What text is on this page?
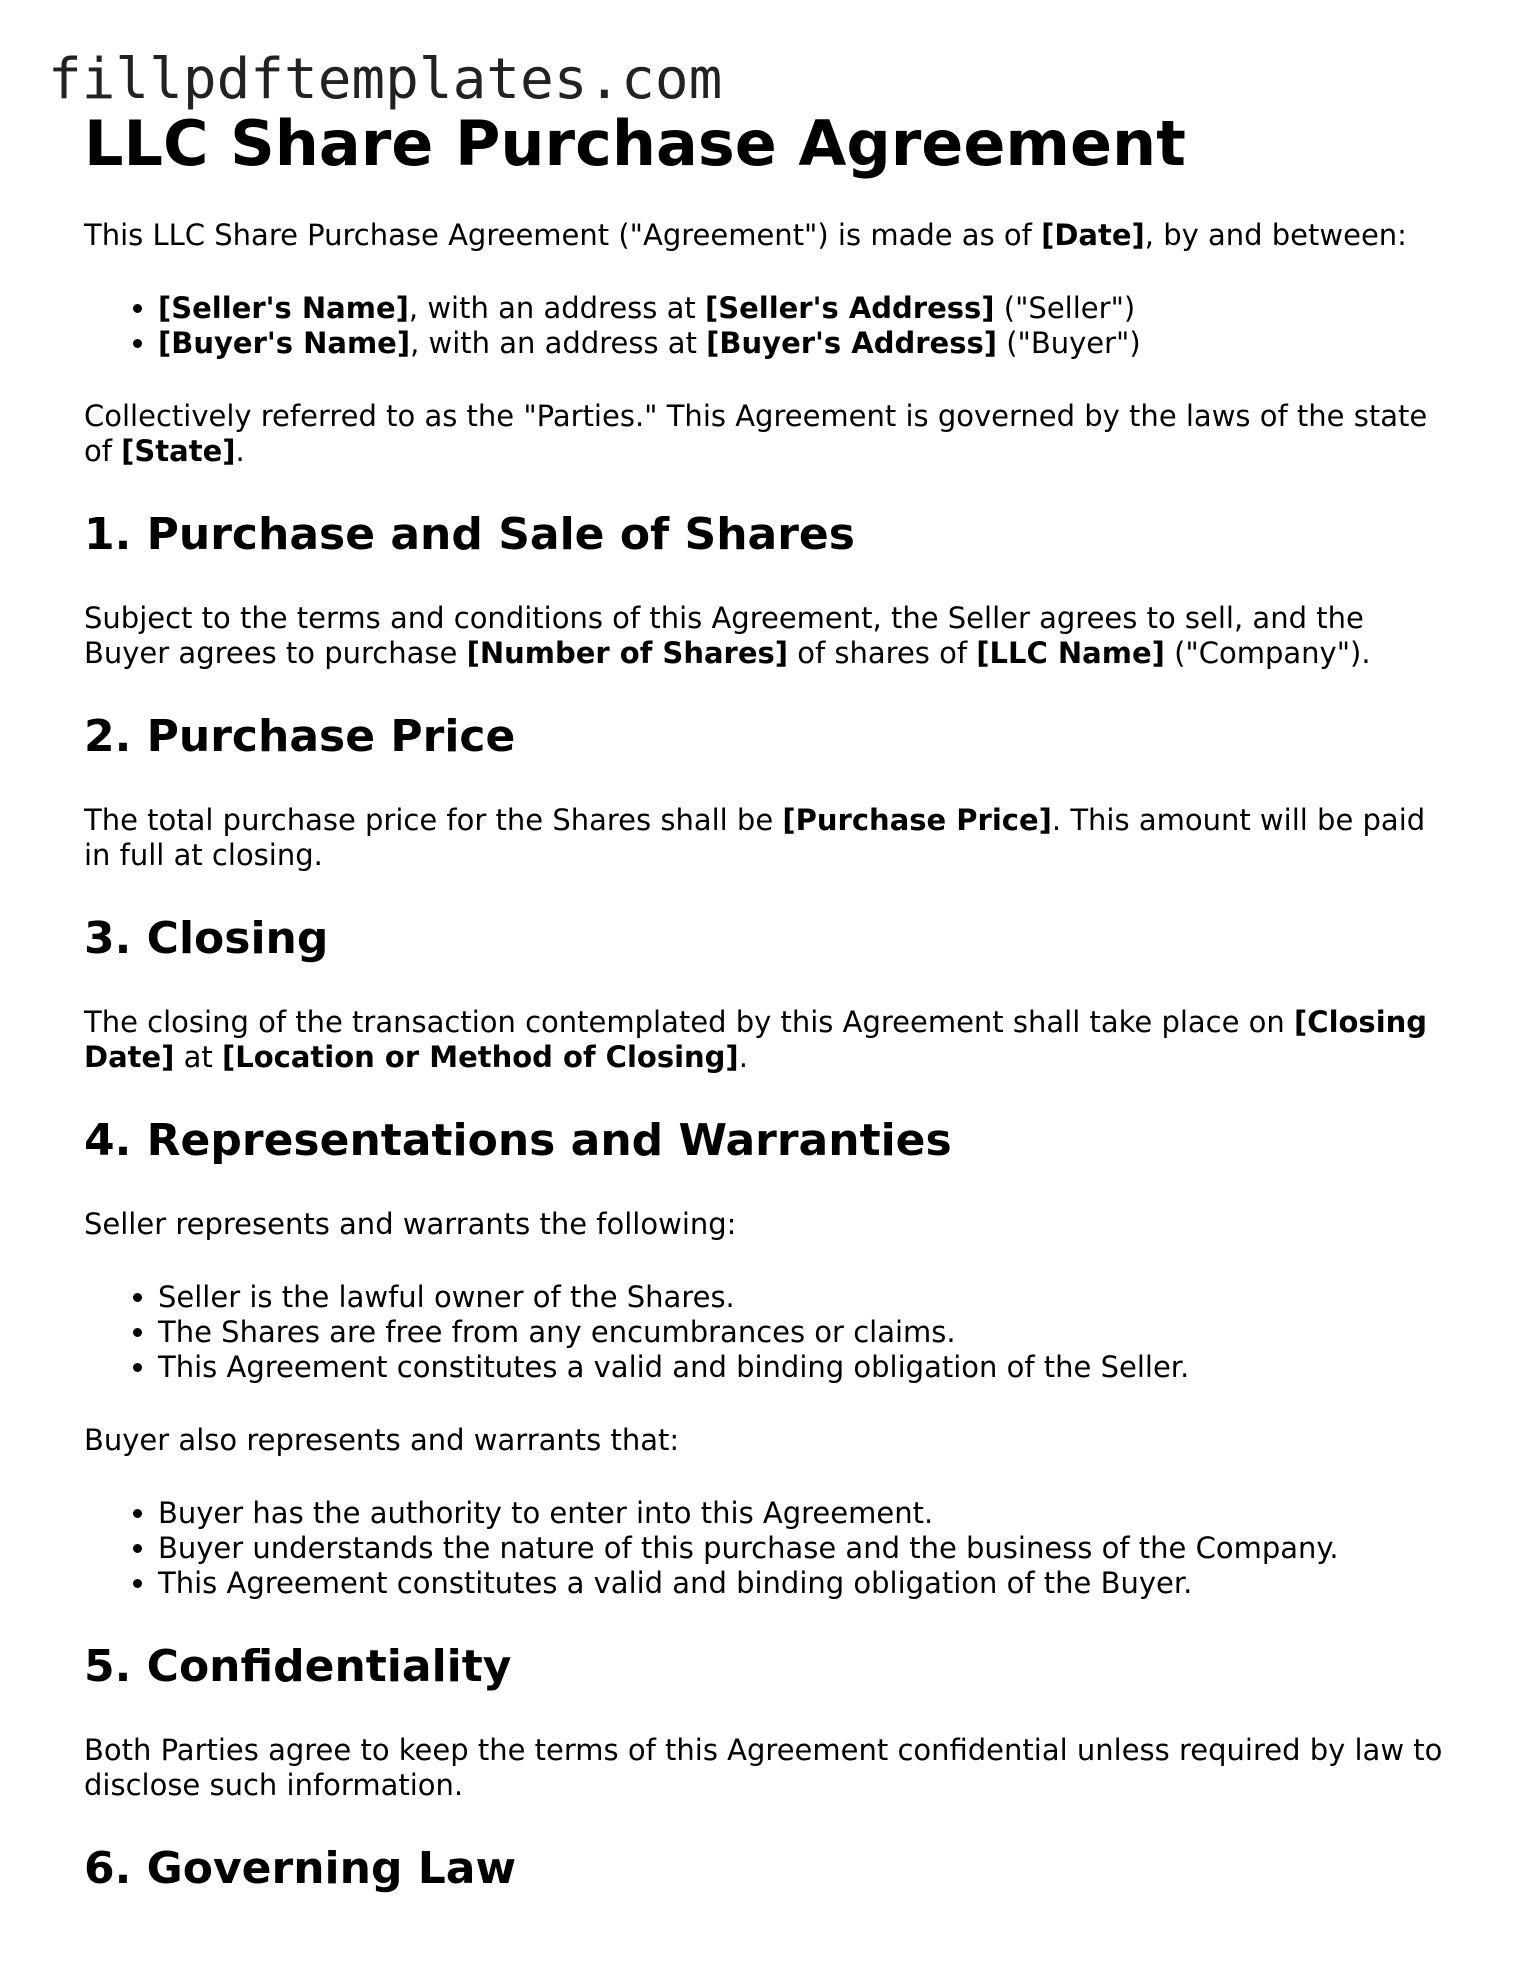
fillpdftemplates.com
LLC Share Purchase Agreement

This LLC Share Purchase Agreement ("Agreement") is made as of [Date], by and between:

• [Seller's Name], with an address at [Seller's Address] ("Seller")
• [Buyer's Name], with an address at [Buyer's Address] ("Buyer")

Collectively referred to as the "Parties." This Agreement is governed by the laws of the state of [State].

1. Purchase and Sale of Shares

Subject to the terms and conditions of this Agreement, the Seller agrees to sell, and the Buyer agrees to purchase [Number of Shares] of shares of [LLC Name] ("Company").

2. Purchase Price

The total purchase price for the Shares shall be [Purchase Price]. This amount will be paid in full at closing.

3. Closing

The closing of the transaction contemplated by this Agreement shall take place on [Closing Date] at [Location or Method of Closing].

4. Representations and Warranties

Seller represents and warrants the following:

• Seller is the lawful owner of the Shares.
• The Shares are free from any encumbrances or claims.
• This Agreement constitutes a valid and binding obligation of the Seller.

Buyer also represents and warrants that:

• Buyer has the authority to enter into this Agreement.
• Buyer understands the nature of this purchase and the business of the Company.
• This Agreement constitutes a valid and binding obligation of the Buyer.
5. Confidentiality

Both Parties agree to keep the terms of this Agreement confidential unless required by law to disclose such information.

6. Governing Law
